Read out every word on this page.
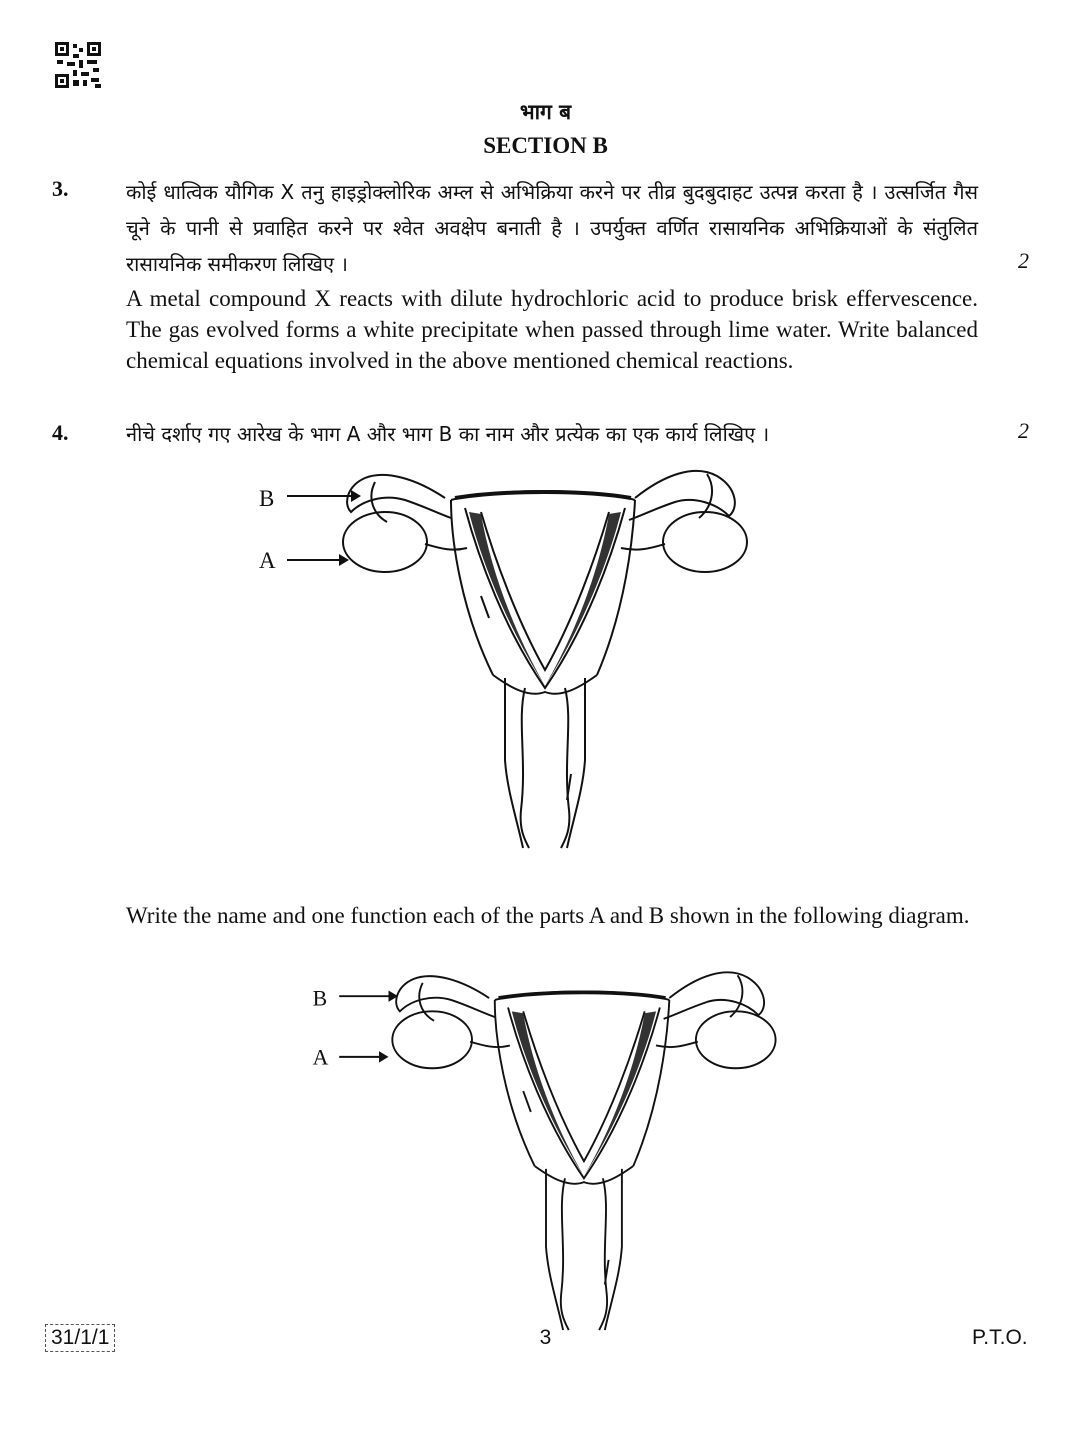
भाग ब
SECTION B
3.	कोई धात्विक यौगिक X तनु हाइड्रोक्लोरिक अम्ल से अभिक्रिया करने पर तीव्र बुदबुदाहट उत्पन्न करता है । उत्सर्जित गैस चूने के पानी से प्रवाहित करने पर श्वेत अवक्षेप बनाती है । उपर्युक्त वर्णित रासायनिक अभिक्रियाओं के संतुलित रासायनिक समीकरण लिखिए ।	2
A metal compound X reacts with dilute hydrochloric acid to produce brisk effervescence. The gas evolved forms a white precipitate when passed through lime water. Write balanced chemical equations involved in the above mentioned chemical reactions.
4.	नीचे दर्शाए गए आरेख के भाग A और भाग B का नाम और प्रत्येक का एक कार्य लिखिए ।	2
B
A
Write the name and one function each of the parts A and B shown in the following diagram.
B
A
31/1/1	3	P.T.O.
